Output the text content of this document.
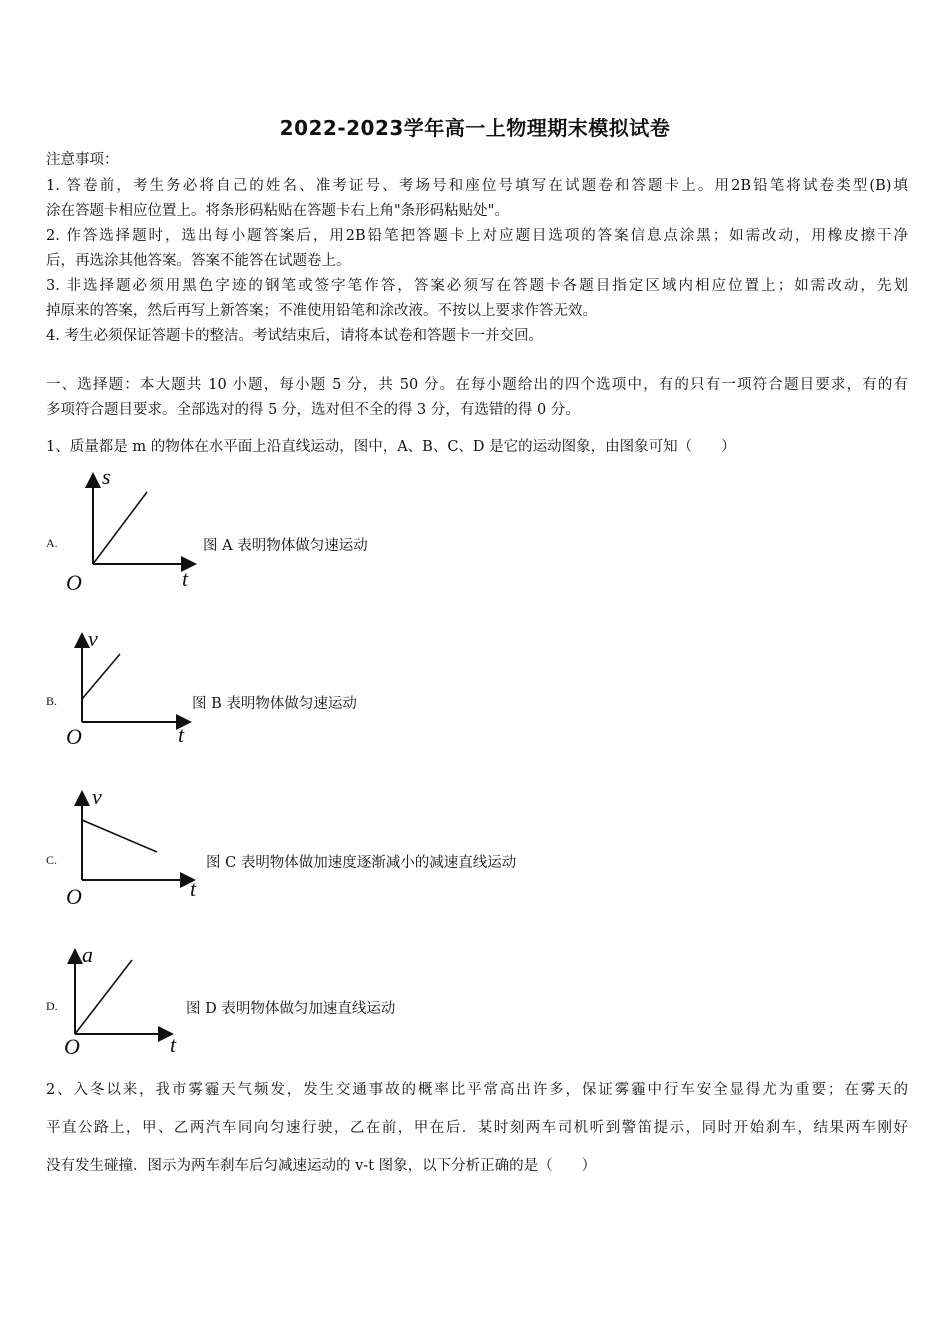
2022-2023学年高一上物理期末模拟试卷
注意事项：
1. 答卷前，考生务必将自己的姓名、准考证号、考场号和座位号填写在试题卷和答题卡上。用2B铅笔将试卷类型(B)填
涂在答题卡相应位置上。将条形码粘贴在答题卡右上角"条形码粘贴处"。
2. 作答选择题时，选出每小题答案后，用2B铅笔把答题卡上对应题目选项的答案信息点涂黑；如需改动，用橡皮擦干净
后，再选涂其他答案。答案不能答在试题卷上。
3. 非选择题必须用黑色字迹的钢笔或签字笔作答，答案必须写在答题卡各题目指定区域内相应位置上；如需改动，先划
掉原来的答案，然后再写上新答案；不准使用铅笔和涂改液。不按以上要求作答无效。
4. 考生必须保证答题卡的整洁。考试结束后，请将本试卷和答题卡一并交回。
一、选择题：本大题共 10 小题，每小题 5 分，共 50 分。在每小题给出的四个选项中，有的只有一项符合题目要求，有的有
多项符合题目要求。全部选对的得 5 分，选对但不全的得 3 分，有选错的得 0 分。
1、质量都是 m 的物体在水平面上沿直线运动，图中，A、B、C、D 是它的运动图象，由图象可知（　　）
A.
s
t
O
图 A 表明物体做匀速运动
B.
v
t
O
图 B 表明物体做匀速运动
C.
v
t
O
图 C 表明物体做加速度逐渐减小的减速直线运动
D.
a
t
O
图 D 表明物体做匀加速直线运动
2、入冬以来，我市雾霾天气频发，发生交通事故的概率比平常高出许多，保证雾霾中行车安全显得尤为重要；在雾天的
平直公路上，甲、乙两汽车同向匀速行驶，乙在前，甲在后．某时刻两车司机听到警笛提示，同时开始刹车，结果两车刚好
没有发生碰撞．图示为两车刹车后匀减速运动的 v-t 图象，以下分析正确的是（　　）
